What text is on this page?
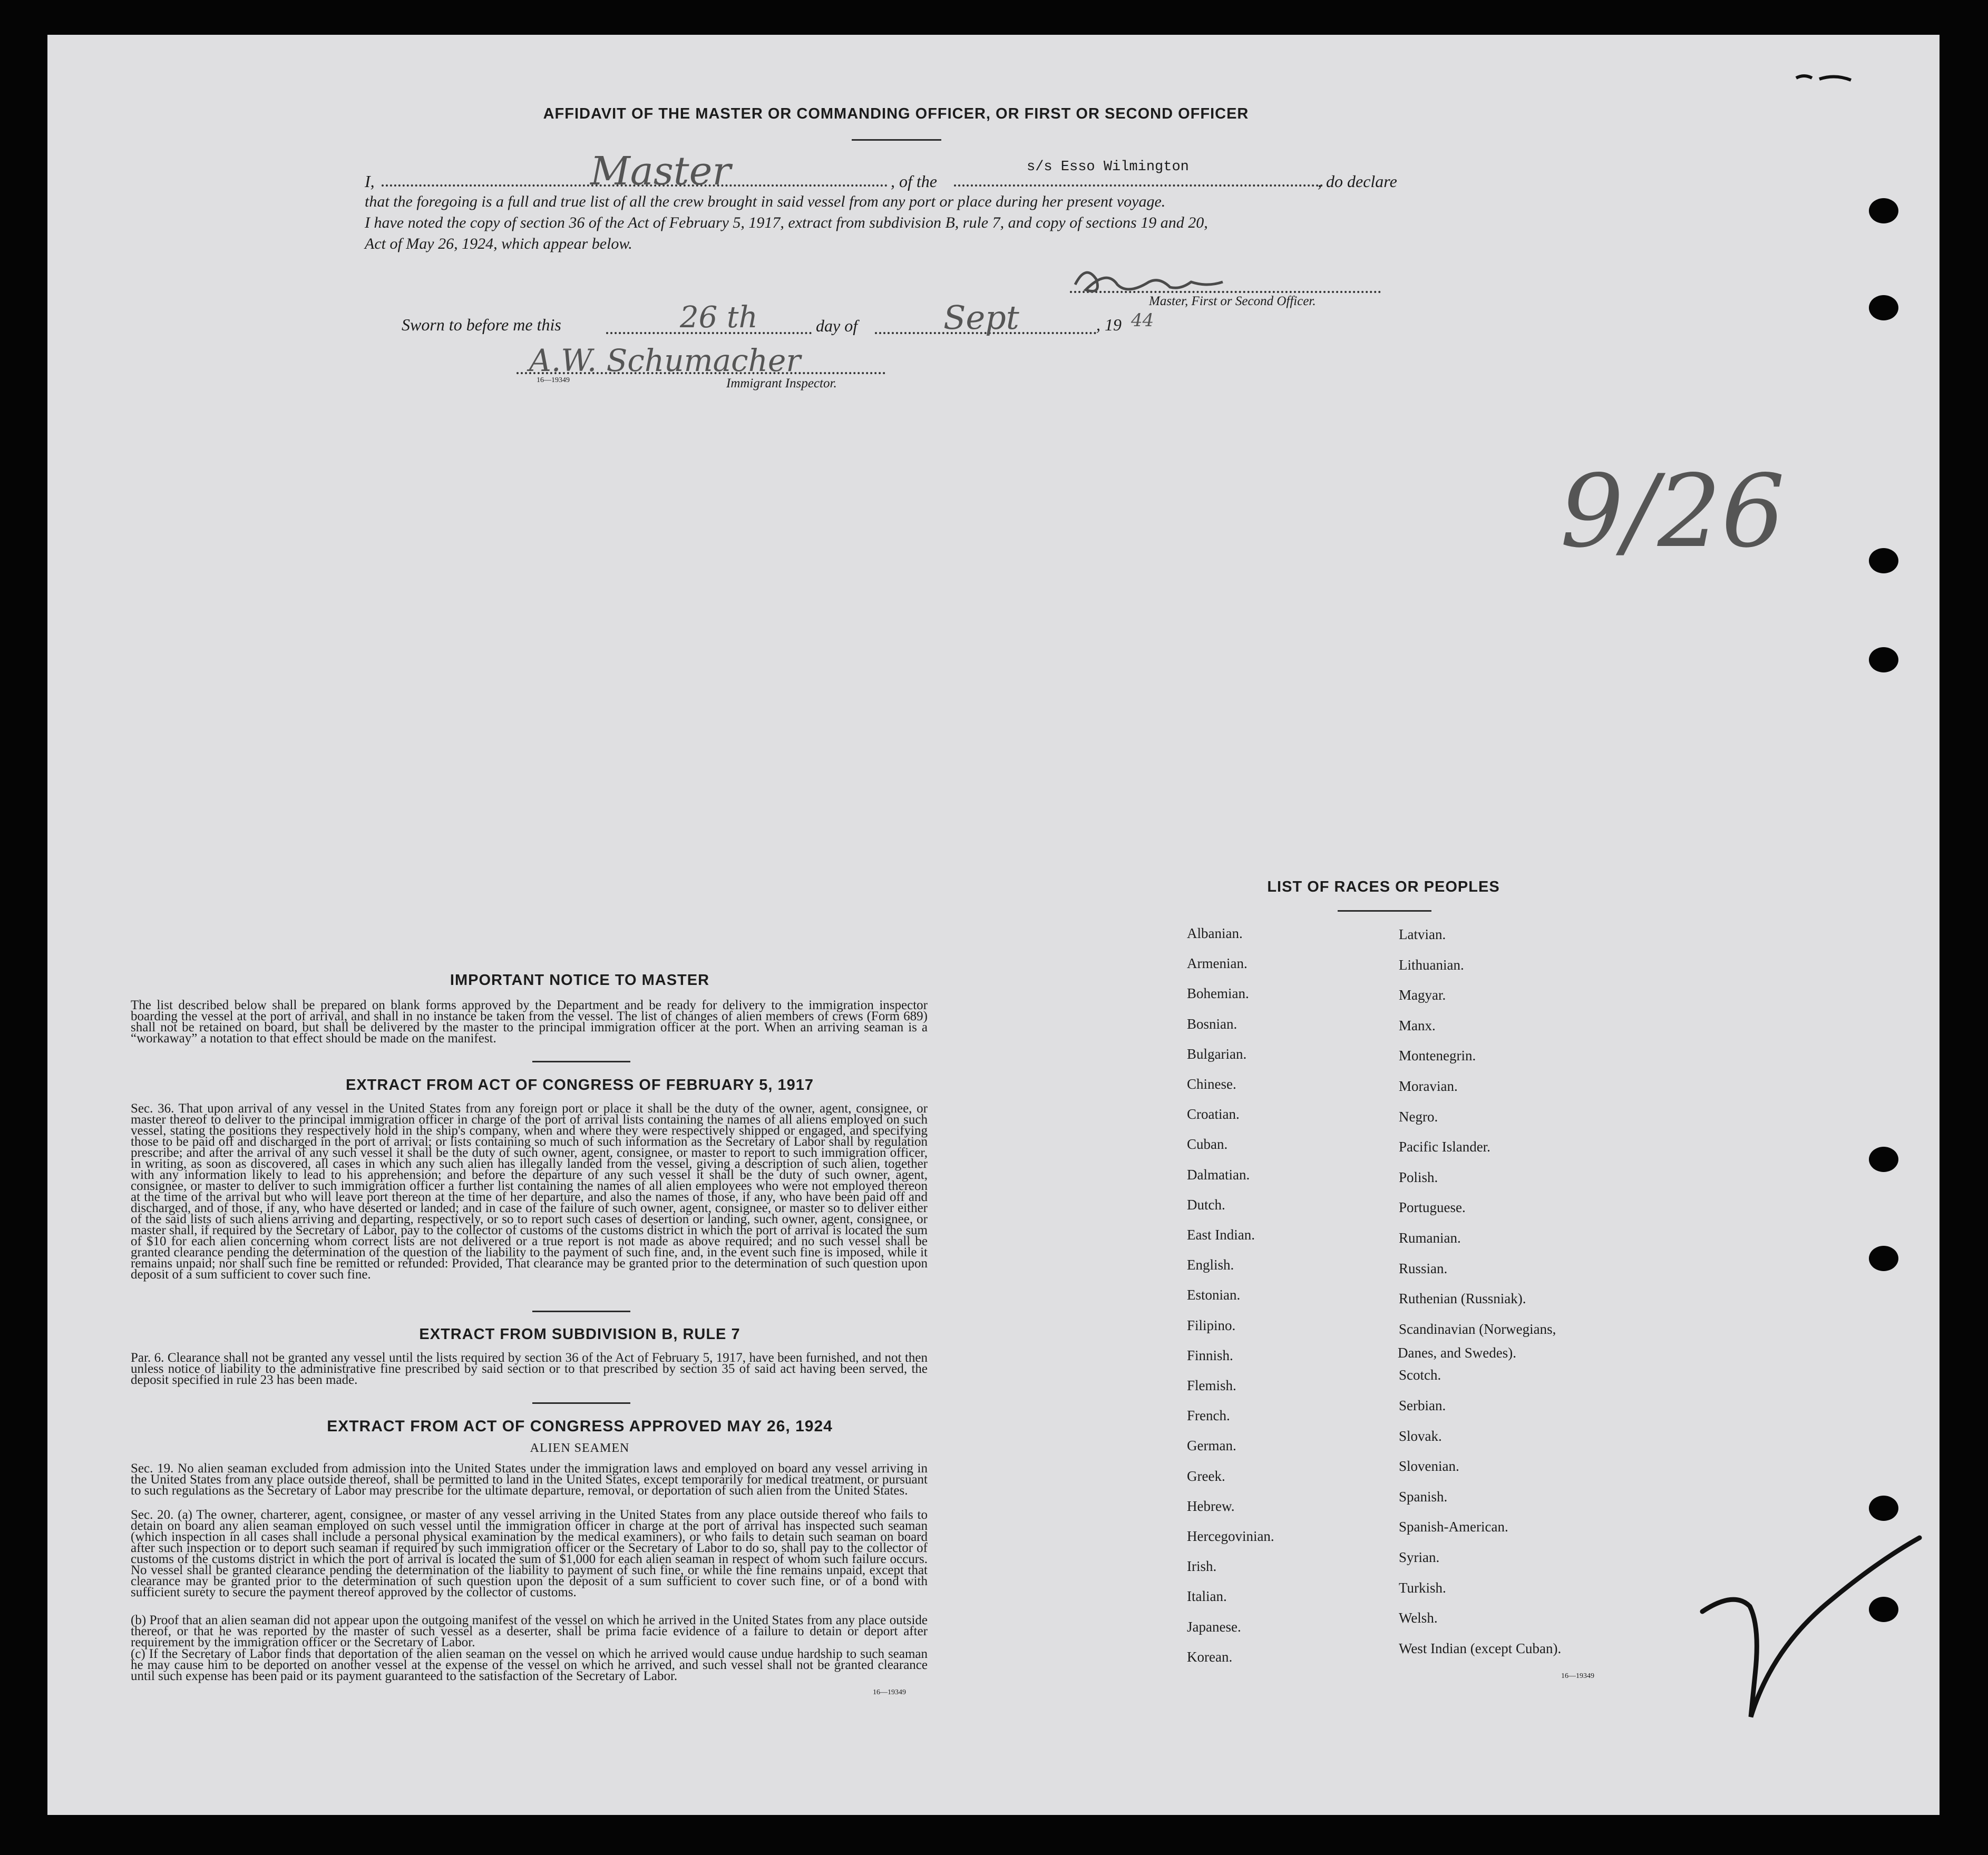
AFFIDAVIT OF THE MASTER OR COMMANDING OFFICER, OR FIRST OR SECOND OFFICER
I,	Master	, of the
s/s Esso Wilmington
, do declare
that the foregoing is a full and true list of all the crew brought in said vessel from any port or place during her present voyage.
I have noted the copy of section 36 of the Act of February 5, 1917, extract from subdivision B, rule 7, and copy of sections 19 and 20,
Act of May 26, 1924, which appear below.
Master, First or Second Officer.
Sworn to before me this	26 th	day of	Sept	, 19 44
A.W. Schumacher
16—19349	Immigrant Inspector.
9/26
IMPORTANT NOTICE TO MASTER
The list described below shall be prepared on blank forms approved by the Department and be ready for delivery to the immigration inspector boarding the vessel at the port of arrival, and shall in no instance be taken from the vessel. The list of changes of alien members of crews (Form 689) shall not be retained on board, but shall be delivered by the master to the principal immigration officer at the port. When an arriving seaman is a “workaway” a notation to that effect should be made on the manifest.
EXTRACT FROM ACT OF CONGRESS OF FEBRUARY 5, 1917
Sec. 36. That upon arrival of any vessel in the United States from any foreign port or place it shall be the duty of the owner, agent, consignee, or master thereof to deliver to the principal immigration officer in charge of the port of arrival lists containing the names of all aliens employed on such vessel, stating the positions they respectively hold in the ship's company, when and where they were respectively shipped or engaged, and specifying those to be paid off and discharged in the port of arrival; or lists containing so much of such information as the Secretary of Labor shall by regulation prescribe; and after the arrival of any such vessel it shall be the duty of such owner, agent, consignee, or master to report to such immigration officer, in writing, as soon as discovered, all cases in which any such alien has illegally landed from the vessel, giving a description of such alien, together with any information likely to lead to his apprehension; and before the departure of any such vessel it shall be the duty of such owner, agent, consignee, or master to deliver to such immigration officer a further list containing the names of all alien employees who were not employed thereon at the time of the arrival but who will leave port thereon at the time of her departure, and also the names of those, if any, who have been paid off and discharged, and of those, if any, who have deserted or landed; and in case of the failure of such owner, agent, consignee, or master so to deliver either of the said lists of such aliens arriving and departing, respectively, or so to report such cases of desertion or landing, such owner, agent, consignee, or master shall, if required by the Secretary of Labor, pay to the collector of customs of the customs district in which the port of arrival is located the sum of $10 for each alien concerning whom correct lists are not delivered or a true report is not made as above required; and no such vessel shall be granted clearance pending the determination of the question of the liability to the payment of such fine, and, in the event such fine is imposed, while it remains unpaid; nor shall such fine be remitted or refunded: Provided, That clearance may be granted prior to the determination of such question upon deposit of a sum sufficient to cover such fine.
EXTRACT FROM SUBDIVISION B, RULE 7
Par. 6. Clearance shall not be granted any vessel until the lists required by section 36 of the Act of February 5, 1917, have been furnished, and not then unless notice of liability to the administrative fine prescribed by said section or to that prescribed by section 35 of said act having been served, the deposit specified in rule 23 has been made.
EXTRACT FROM ACT OF CONGRESS APPROVED MAY 26, 1924
ALIEN SEAMEN
Sec. 19. No alien seaman excluded from admission into the United States under the immigration laws and employed on board any vessel arriving in the United States from any place outside thereof, shall be permitted to land in the United States, except temporarily for medical treatment, or pursuant to such regulations as the Secretary of Labor may prescribe for the ultimate departure, removal, or deportation of such alien from the United States.
Sec. 20. (a) The owner, charterer, agent, consignee, or master of any vessel arriving in the United States from any place outside thereof who fails to detain on board any alien seaman employed on such vessel until the immigration officer in charge at the port of arrival has inspected such seaman (which inspection in all cases shall include a personal physical examination by the medical examiners), or who fails to detain such seaman on board after such inspection or to deport such seaman if required by such immigration officer or the Secretary of Labor to do so, shall pay to the collector of customs of the customs district in which the port of arrival is located the sum of $1,000 for each alien seaman in respect of whom such failure occurs. No vessel shall be granted clearance pending the determination of the liability to payment of such fine, or while the fine remains unpaid, except that clearance may be granted prior to the determination of such question upon the deposit of a sum sufficient to cover such fine, or of a bond with sufficient surety to secure the payment thereof approved by the collector of customs.
(b) Proof that an alien seaman did not appear upon the outgoing manifest of the vessel on which he arrived in the United States from any place outside thereof, or that he was reported by the master of such vessel as a deserter, shall be prima facie evidence of a failure to detain or deport after requirement by the immigration officer or the Secretary of Labor.
(c) If the Secretary of Labor finds that deportation of the alien seaman on the vessel on which he arrived would cause undue hardship to such seaman he may cause him to be deported on another vessel at the expense of the vessel on which he arrived, and such vessel shall not be granted clearance until such expense has been paid or its payment guaranteed to the satisfaction of the Secretary of Labor.
16—19349
LIST OF RACES OR PEOPLES
Albanian.
Armenian.
Bohemian.
Bosnian.
Bulgarian.
Chinese.
Croatian.
Cuban.
Dalmatian.
Dutch.
East Indian.
English.
Estonian.
Filipino.
Finnish.
Flemish.
French.
German.
Greek.
Hebrew.
Hercegovinian.
Irish.
Italian.
Japanese.
Korean.
Latvian.
Lithuanian.
Magyar.
Manx.
Montenegrin.
Moravian.
Negro.
Pacific Islander.
Polish.
Portuguese.
Rumanian.
Russian.
Ruthenian (Russniak).
Scandinavian (Norwegians,
Scotch.
Serbian.
Slovak.
Slovenian.
Spanish.
Spanish-American.
Syrian.
Turkish.
Welsh.
West Indian (except Cuban).
Danes, and Swedes).
16—19349
